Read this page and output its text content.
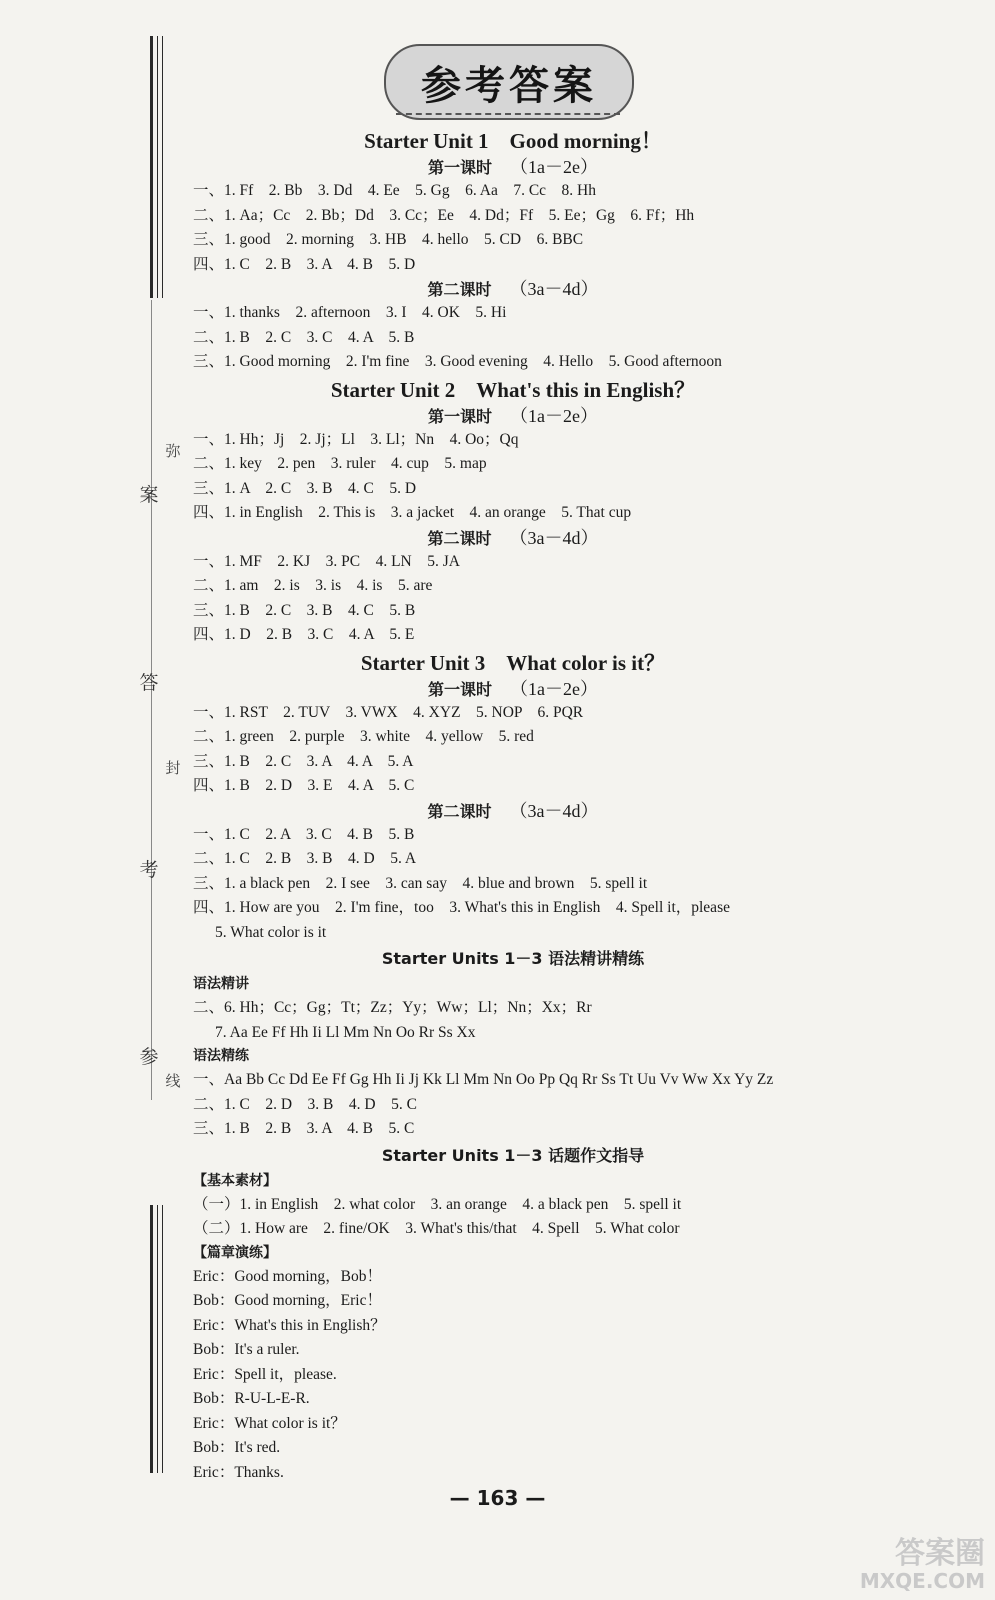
弥
案
答
封
考
参
线
参考答案
Starter Unit 1　Good morning！
第一课时 （1a－2e）
一、1. Ff　2. Bb　3. Dd　4. Ee　5. Gg　6. Aa　7. Cc　8. Hh
二、1. Aa；Cc　2. Bb；Dd　3. Cc；Ee　4. Dd；Ff　5. Ee；Gg　6. Ff；Hh
三、1. good　2. morning　3. HB　4. hello　5. CD　6. BBC
四、1. C　2. B　3. A　4. B　5. D
第二课时 （3a－4d）
一、1. thanks　2. afternoon　3. I　4. OK　5. Hi
二、1. B　2. C　3. C　4. A　5. B
三、1. Good morning　2. I'm fine　3. Good evening　4. Hello　5. Good afternoon
Starter Unit 2　What's this in English？
第一课时 （1a－2e）
一、1. Hh；Jj　2. Jj；Ll　3. Ll；Nn　4. Oo；Qq
二、1. key　2. pen　3. ruler　4. cup　5. map
三、1. A　2. C　3. B　4. C　5. D
四、1. in English　2. This is　3. a jacket　4. an orange　5. That cup
第二课时 （3a－4d）
一、1. MF　2. KJ　3. PC　4. LN　5. JA
二、1. am　2. is　3. is　4. is　5. are
三、1. B　2. C　3. B　4. C　5. B
四、1. D　2. B　3. C　4. A　5. E
Starter Unit 3　What color is it？
第一课时 （1a－2e）
一、1. RST　2. TUV　3. VWX　4. XYZ　5. NOP　6. PQR
二、1. green　2. purple　3. white　4. yellow　5. red
三、1. B　2. C　3. A　4. A　5. A
四、1. B　2. D　3. E　4. A　5. C
第二课时 （3a－4d）
一、1. C　2. A　3. C　4. B　5. B
二、1. C　2. B　3. B　4. D　5. A
三、1. a black pen　2. I see　3. can say　4. blue and brown　5. spell it
四、1. How are you　2. I'm fine，too　3. What's this in English　4. Spell it，please
5. What color is it
Starter Units 1－3 语法精讲精练
语法精讲
二、6. Hh；Cc；Gg；Tt；Zz；Yy；Ww；Ll；Nn；Xx；Rr
7. Aa Ee Ff Hh Ii Ll Mm Nn Oo Rr Ss Xx
语法精练
一、Aa Bb Cc Dd Ee Ff Gg Hh Ii Jj Kk Ll Mm Nn Oo Pp Qq Rr Ss Tt Uu Vv Ww Xx Yy Zz
二、1. C　2. D　3. B　4. D　5. C
三、1. B　2. B　3. A　4. B　5. C
Starter Units 1－3 话题作文指导
【基本素材】
（一）1. in English　2. what color　3. an orange　4. a black pen　5. spell it
（二）1. How are　2. fine/OK　3. What's this/that　4. Spell　5. What color
【篇章演练】
Eric：Good morning，Bob！
Bob：Good morning，Eric！
Eric：What's this in English？
Bob：It's a ruler.
Eric：Spell it，please.
Bob：R-U-L-E-R.
Eric：What color is it？
Bob：It's red.
Eric：Thanks.
— 163 —
答案圈
MXQE.COM
